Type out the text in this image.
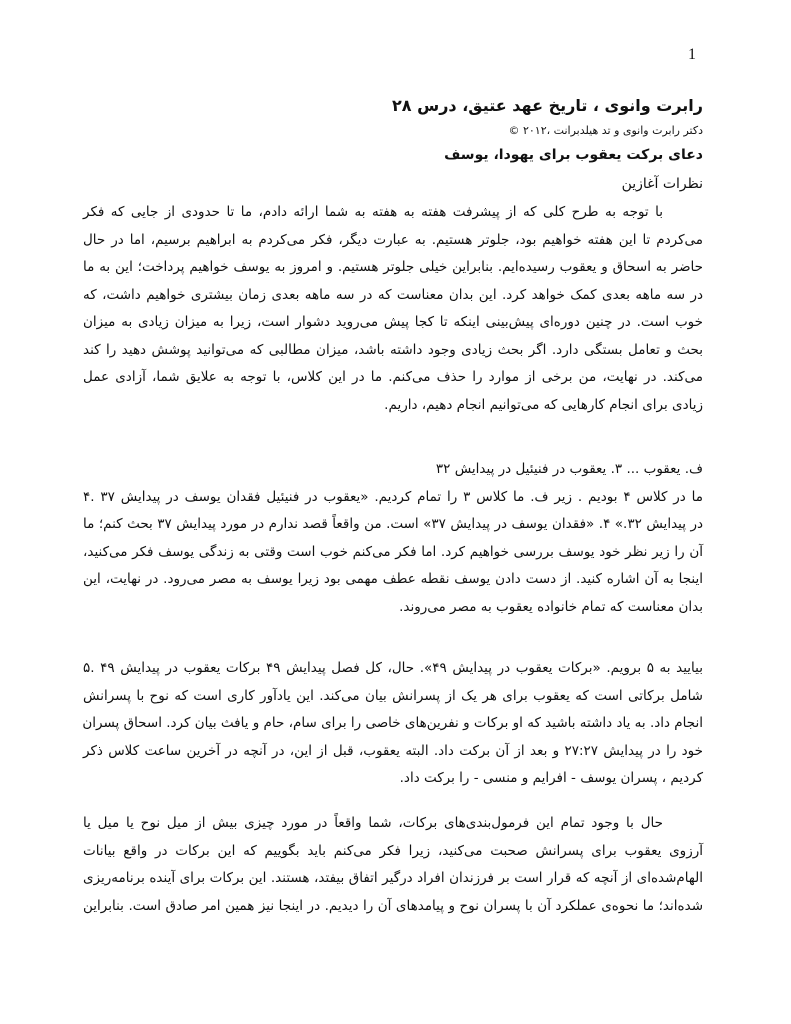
1
رابرت وانوی ، تاریخ عهد عتیق، درس ۲۸
دکتر رابرت وانوی و تد هیلدبرانت ،۲۰۱۲ ©
دعای برکت یعقوب برای یهودا، یوسف
نظرات آغازین
با توجه به طرح کلی که از پیشرفت هفته به هفته به شما ارائه دادم، ما تا حدودی از جایی که فکر
می‌کردم تا این هفته خواهیم بود، جلوتر هستیم. به عبارت دیگر، فکر می‌کردم به ابراهیم برسیم، اما در حال
حاضر به اسحاق و یعقوب رسیده‌ایم. بنابراین خیلی جلوتر هستیم. و امروز به یوسف خواهیم پرداخت؛ این به ما
در سه ماهه بعدی کمک خواهد کرد. این بدان معناست که در سه ماهه بعدی زمان بیشتری خواهیم داشت، که
خوب است. در چنین دوره‌ای پیش‌بینی اینکه تا کجا پیش می‌روید دشوار است، زیرا به میزان زیادی به میزان
بحث و تعامل بستگی دارد. اگر بحث زیادی وجود داشته باشد، میزان مطالبی که می‌توانید پوشش دهید را کند
می‌کند. در نهایت، من برخی از موارد را حذف می‌کنم. ما در این کلاس، با توجه به علایق شما، آزادی عمل
زیادی برای انجام کارهایی که می‌توانیم انجام دهیم، داریم.
ف. یعقوب ... ۳. یعقوب در فنیئیل در پیدایش ۳۲
ما در کلاس ۴ بودیم . زیر ف. ما کلاس ۳ را تمام کردیم. «یعقوب در فنیئیل فقدان یوسف در پیدایش ۳۷ .۴
در پیدایش ۳۲.» ۴. «فقدان یوسف در پیدایش ۳۷» است. من واقعاً قصد ندارم در مورد پیدایش ۳۷ بحث کنم؛ ما
آن را زیر نظر خود یوسف بررسی خواهیم کرد. اما فکر می‌کنم خوب است وقتی به زندگی یوسف فکر می‌کنید،
اینجا به آن اشاره کنید. از دست دادن یوسف نقطه عطف مهمی بود زیرا یوسف به مصر می‌رود. در نهایت، این
بدان معناست که تمام خانواده یعقوب به مصر می‌روند.
بیایید به ۵ برویم. «برکات یعقوب در پیدایش ۴۹». حال، کل فصل پیدایش ۴۹ برکات یعقوب در پیدایش ۴۹ .۵
شامل برکاتی است که یعقوب برای هر یک از پسرانش بیان می‌کند. این یادآور کاری است که نوح با پسرانش
انجام داد. به یاد داشته باشید که او برکات و نفرین‌های خاصی را برای سام، حام و یافث بیان کرد. اسحاق پسران
خود را در پیدایش ۲۷:۲۷ و بعد از آن برکت داد. البته یعقوب، قبل از این، در آنچه در آخرین ساعت کلاس ذکر
کردیم ، پسران یوسف - افرایم و منسی - را برکت داد.
حال با وجود تمام این فرمول‌بندی‌های برکات، شما واقعاً در مورد چیزی بیش از میل نوح یا میل یا
آرزوی یعقوب برای پسرانش صحبت می‌کنید، زیرا فکر می‌کنم باید بگوییم که این برکات در واقع بیانات
الهام‌شده‌ای از آنچه که قرار است بر فرزندان افراد درگیر اتفاق بیفتد، هستند. این برکات برای آینده برنامه‌ریزی
شده‌اند؛ ما نحوه‌ی عملکرد آن با پسران نوح و پیامدهای آن را دیدیم. در اینجا نیز همین امر صادق است. بنابراین
